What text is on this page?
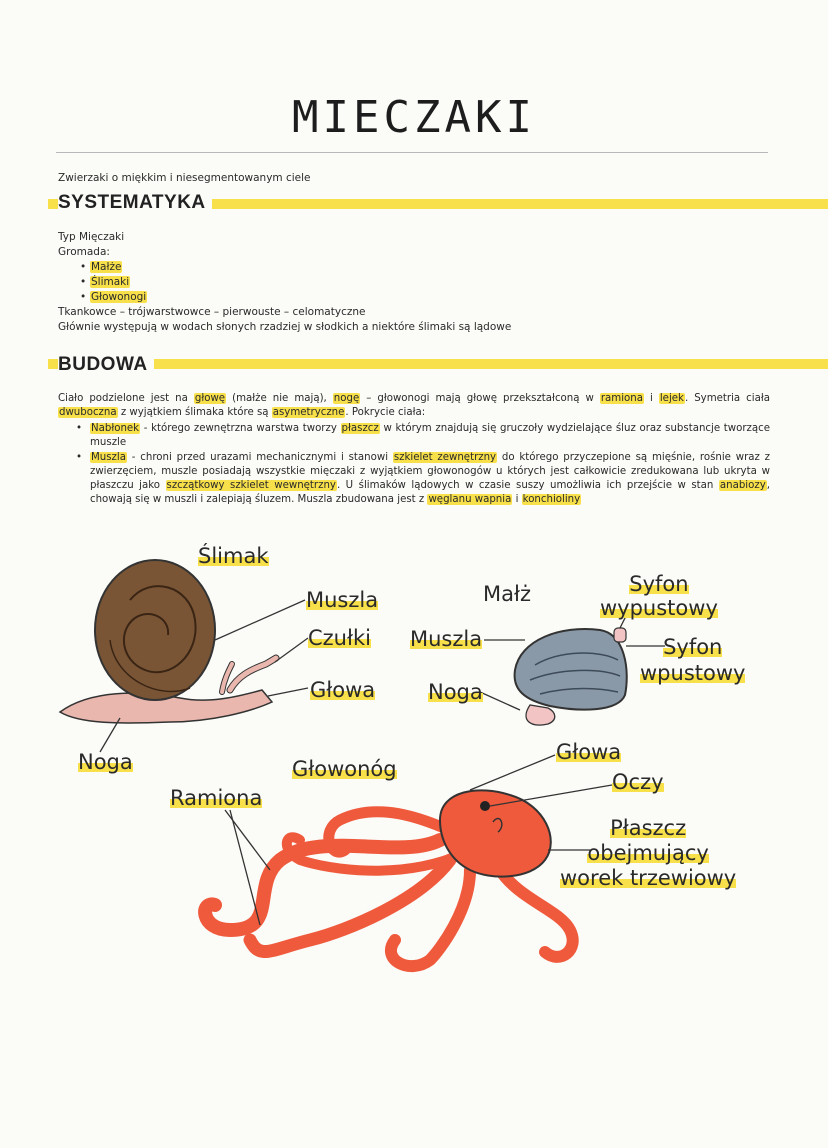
MIECZAKI
Zwierzaki o miękkim i niesegmentowanym ciele
SYSTEMATYKA
Typ Mięczaki
Gromada:
• Małże
• Ślimaki
• Głowonogi
Tkankowce – trójwarstwowce – pierwouste – celomatyczne
Głównie występują w wodach słonych rzadziej w słodkich a niektóre ślimaki są lądowe
BUDOWA
Ciało podzielone jest na głowę (małże nie mają), nogę – głowonogi mają głowę przekształconą w ramiona i lejek. Symetria ciała dwuboczna z wyjątkiem ślimaka które są asymetryczne. Pokrycie ciała:
• Nabłonek - którego zewnętrzna warstwa tworzy płaszcz w którym znajdują się gruczoły wydzielające śluz oraz substancje tworzące muszle
• Muszla - chroni przed urazami mechanicznymi i stanowi szkielet zewnętrzny do którego przyczepione są mięśnie, rośnie wraz z zwierzęciem, muszle posiadają wszystkie mięczaki z wyjątkiem głowonogów u których jest całkowicie zredukowana lub ukryta w płaszczu jako szczątkowy szkielet wewnętrzny. U ślimaków lądowych w czasie suszy umożliwia ich przejście w stan anabiozy, chowają się w muszli i zalepiają śluzem. Muszla zbudowana jest z węglanu wapnia i konchioliny
Ślimak
Muszla
Czułki
Głowa
Noga
Małż	Syfon
wypustowy
Muszla	Syfon
wpustowy
Noga
Głowonóg
Ramiona
Głowa
Oczy
Płaszcz
obejmujący
worek trzewiowy
